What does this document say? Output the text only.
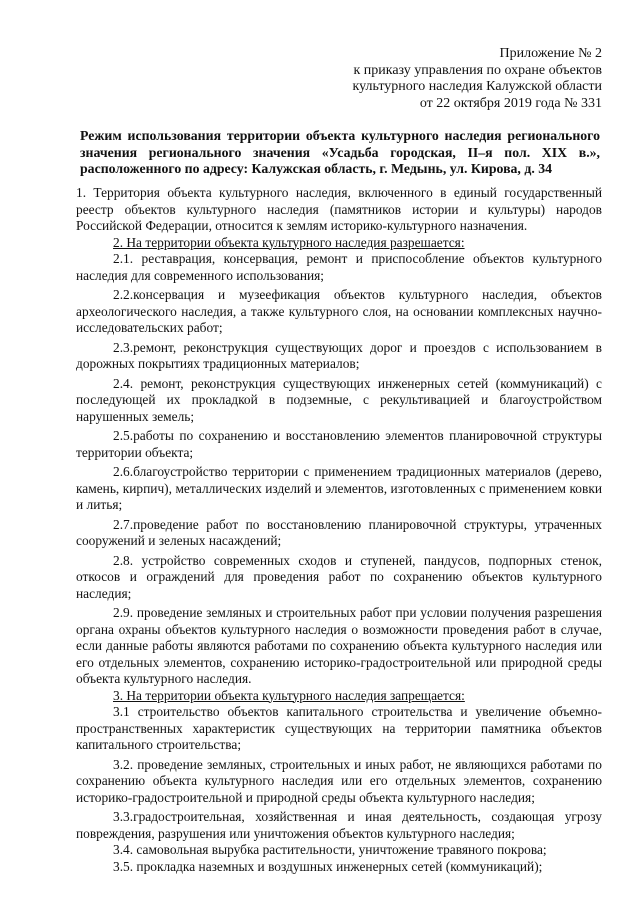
Приложение № 2
к приказу управления по охране объектов
культурного наследия Калужской области
от 22 октября 2019 года № 331
Режим использования территории объекта культурного наследия регионального значения регионального значения «Усадьба городская, II–я пол. XIX в.», расположенного по адресу: Калужская область, г. Медынь, ул. Кирова, д. 34

1. Территория объекта культурного наследия, включенного в единый государственный реестр объектов культурного наследия (памятников истории и культуры) народов Российской Федерации, относится к землям историко-культурного назначения.

2. На территории объекта культурного наследия разрешается:

2.1. реставрация, консервация, ремонт и приспособление объектов культурного наследия для современного использования;

2.2.консервация и музеефикация объектов культурного наследия, объектов археологического наследия, а также культурного слоя, на основании комплексных научно-исследовательских работ;

2.3.ремонт, реконструкция существующих дорог и проездов с использованием в дорожных покрытиях традиционных материалов;

2.4. ремонт, реконструкция существующих инженерных сетей (коммуникаций) с последующей их прокладкой в подземные, с рекультивацией и благоустройством нарушенных земель;

2.5.работы по сохранению и восстановлению элементов планировочной структуры территории объекта;

2.6.благоустройство территории с применением традиционных материалов (дерево, камень, кирпич), металлических изделий и элементов, изготовленных с применением ковки и литья;

2.7.проведение работ по восстановлению планировочной структуры, утраченных сооружений и зеленых насаждений;

2.8. устройство современных сходов и ступеней, пандусов, подпорных стенок, откосов и ограждений для проведения работ по сохранению объектов культурного наследия;

2.9. проведение земляных и строительных работ при условии получения разрешения органа охраны объектов культурного наследия о возможности проведения работ в случае, если данные работы являются работами по сохранению объекта культурного наследия или его отдельных элементов, сохранению историко-градостроительной или природной среды объекта культурного наследия.

3. На территории объекта культурного наследия запрещается:

3.1 строительство объектов капитального строительства и увеличение объемно-пространственных характеристик существующих на территории памятника объектов капитального строительства;

3.2. проведение земляных, строительных и иных работ, не являющихся работами по сохранению объекта культурного наследия или его отдельных элементов, сохранению историко-градостроительной и природной среды объекта культурного наследия;

3.3.градостроительная, хозяйственная и иная деятельность, создающая угрозу повреждения, разрушения или уничтожения объектов культурного наследия;

3.4. самовольная вырубка растительности, уничтожение травяного покрова;

3.5. прокладка наземных и воздушных инженерных сетей (коммуникаций);
